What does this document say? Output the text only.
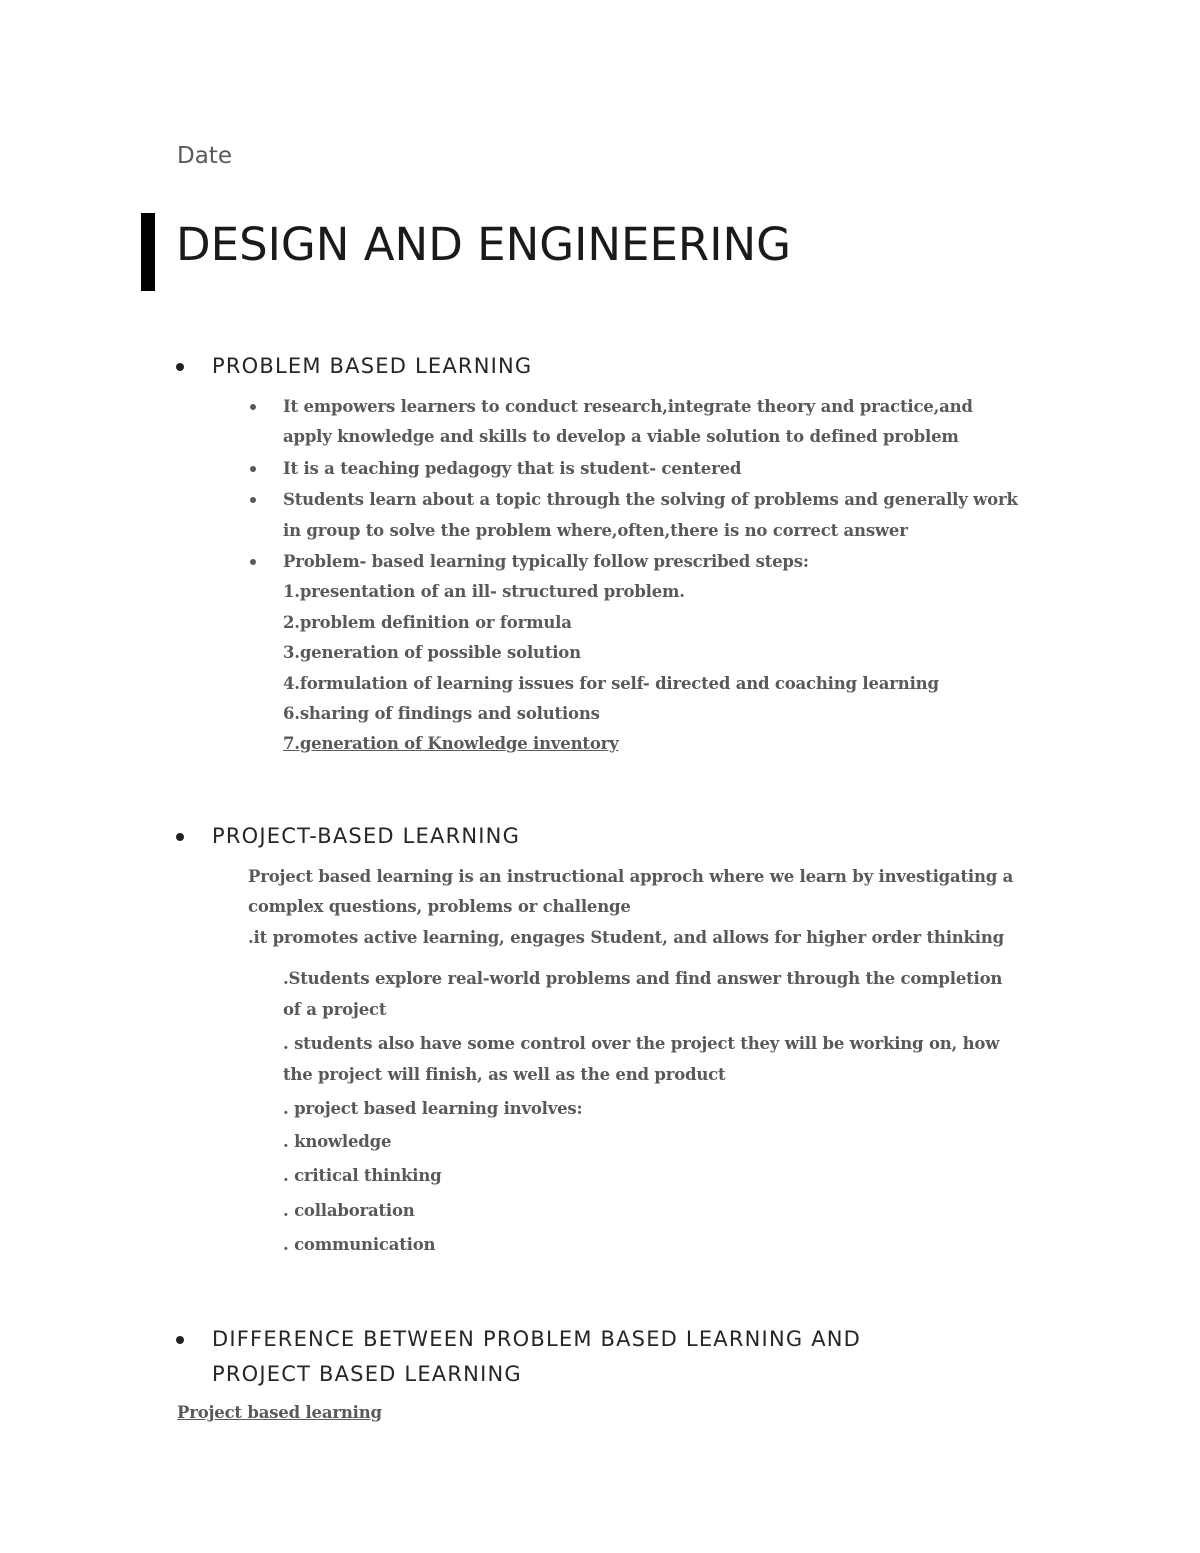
Date
DESIGN AND ENGINEERING
PROBLEM BASED LEARNING
It empowers learners to conduct research,integrate theory and practice,and
apply knowledge and skills to develop a viable solution to defined problem
It is a teaching pedagogy that is student- centered
Students learn about a topic through the solving of problems and generally work
in group to solve the problem where,often,there is no correct answer
Problem- based learning typically follow prescribed steps:
1.presentation of an ill- structured problem.
2.problem definition or formula
3.generation of possible solution
4.formulation of learning issues for self- directed and coaching learning
6.sharing of findings and solutions
7.generation of Knowledge inventory
PROJECT-BASED LEARNING
Project based learning is an instructional approch where we learn by investigating a
complex questions, problems or challenge
.it promotes active learning, engages Student, and allows for higher order thinking
.Students explore real-world problems and find answer through the completion
of a project
. students also have some control over the project they will be working on, how
the project will finish, as well as the end product
. project based learning involves:
. knowledge
. critical thinking
. collaboration
. communication
DIFFERENCE BETWEEN PROBLEM BASED LEARNING AND
PROJECT BASED LEARNING
Project based learning
